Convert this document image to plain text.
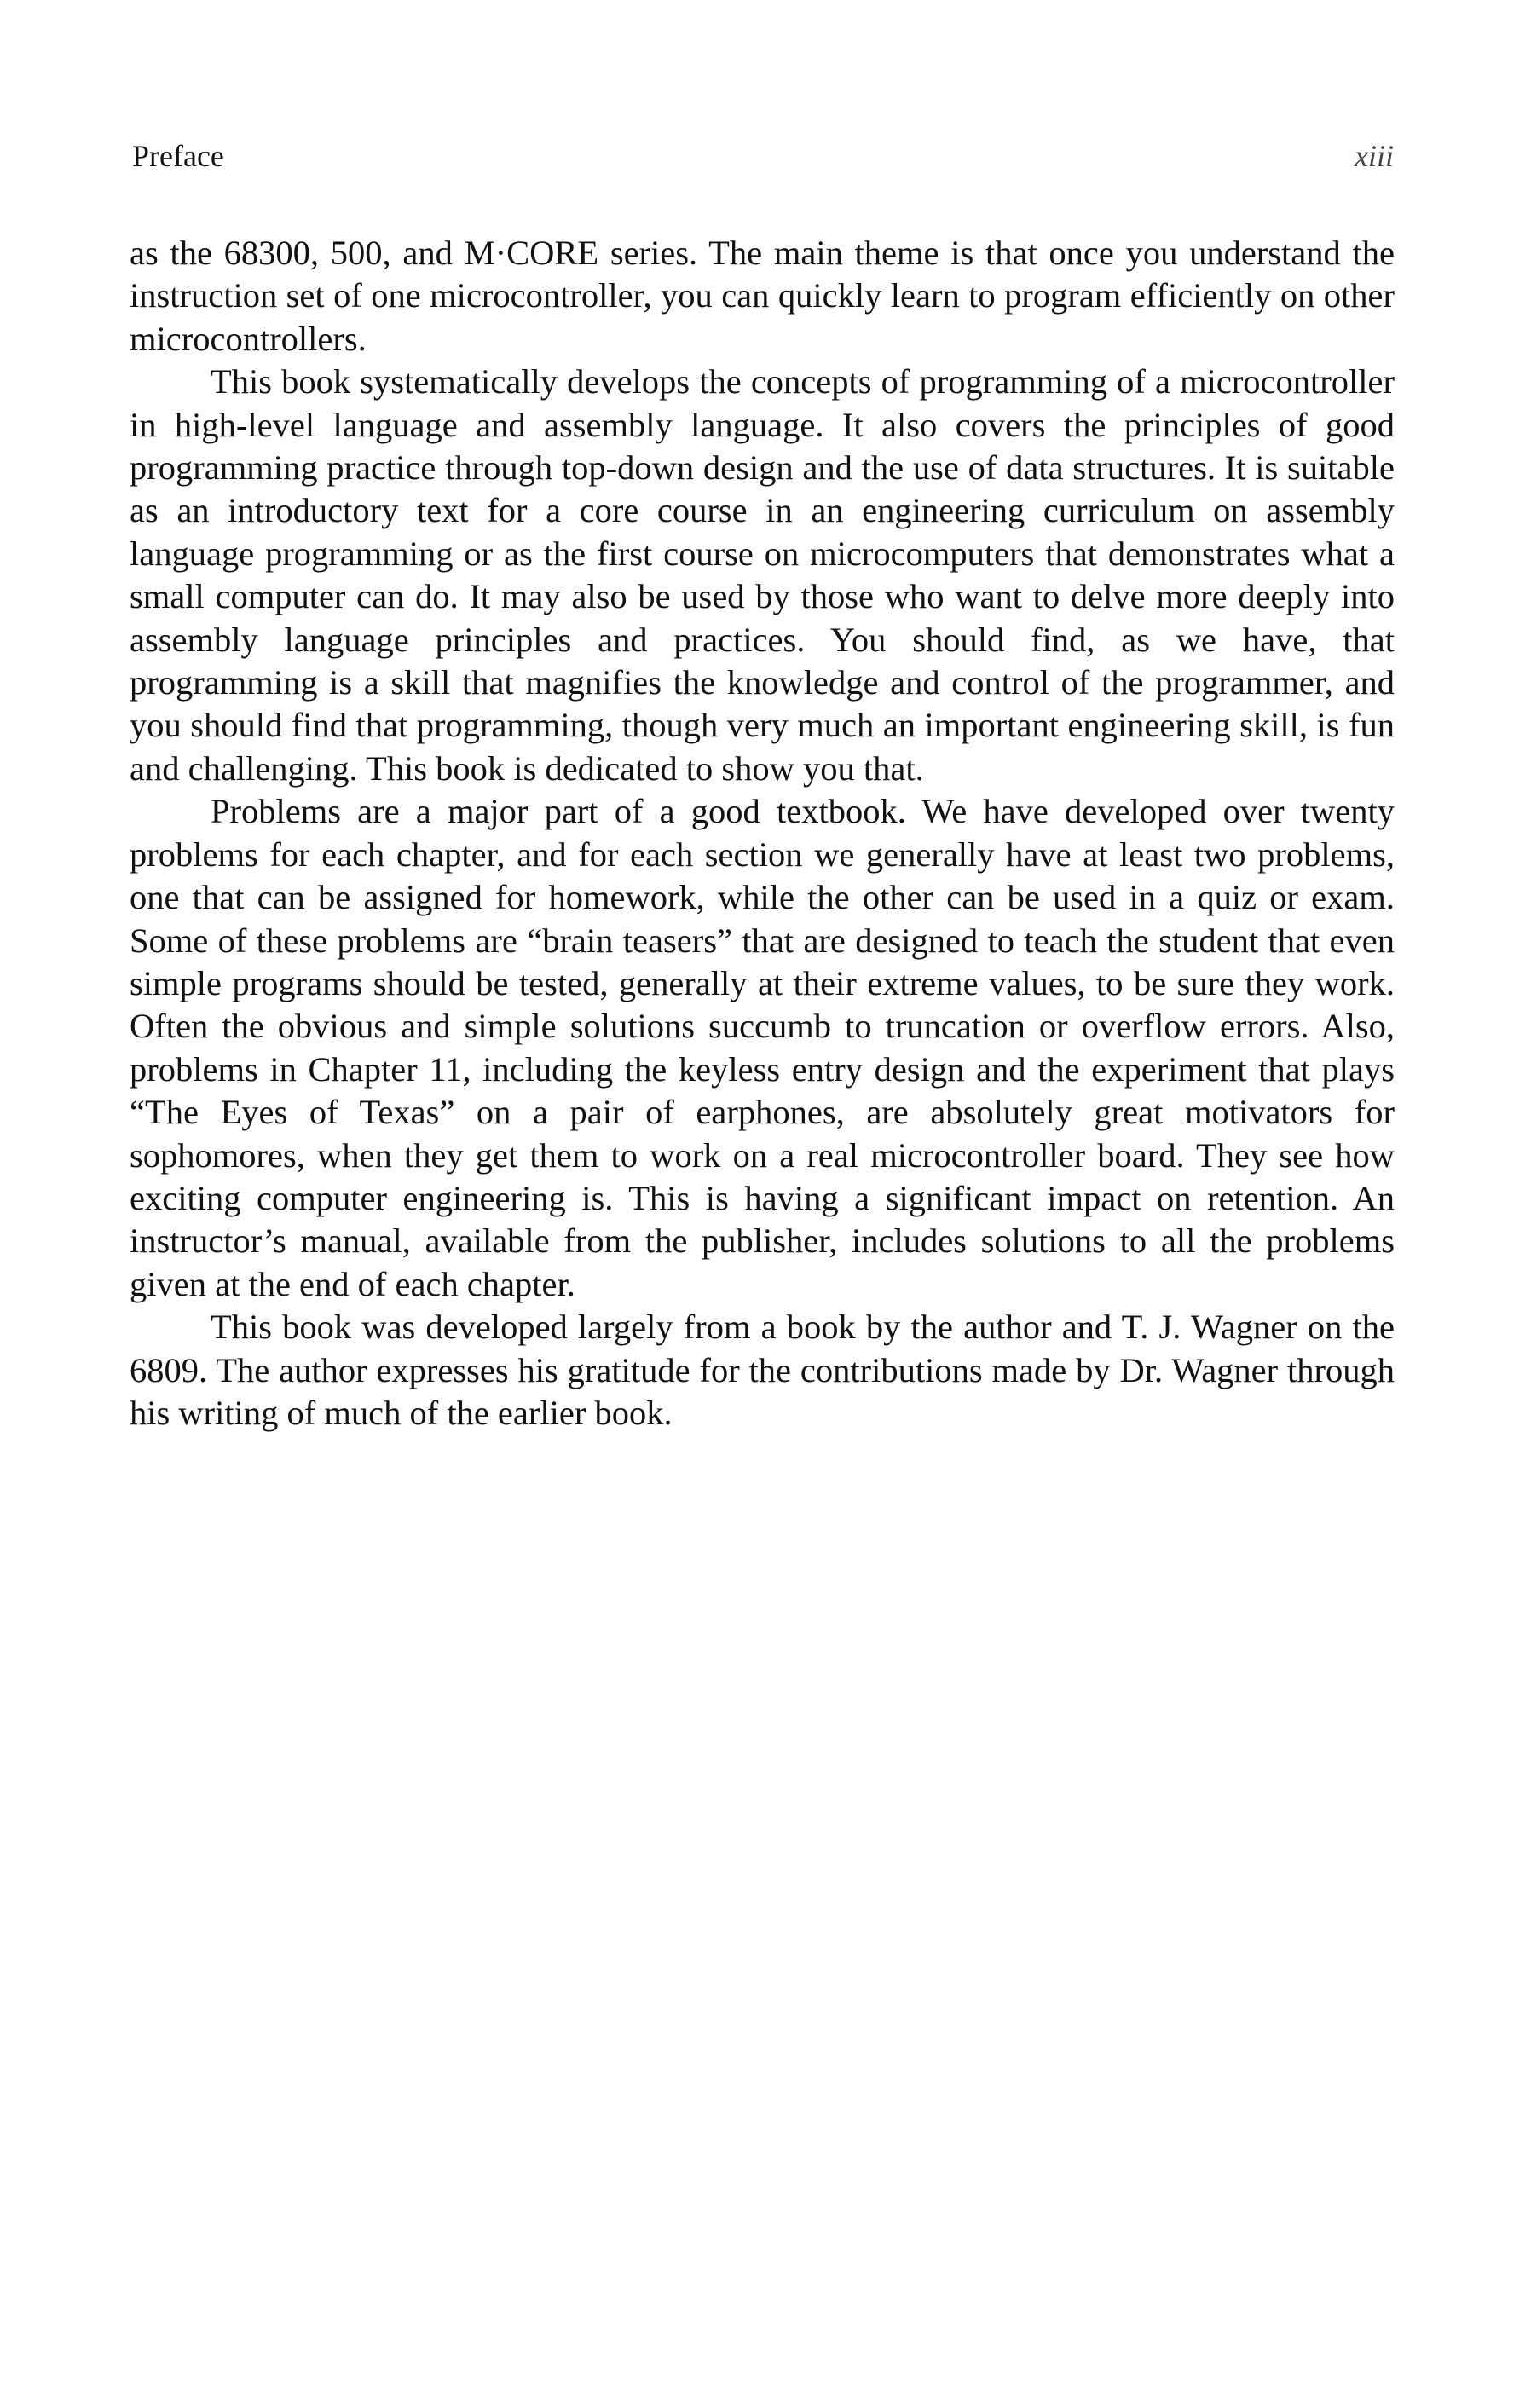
Preface	xiii

as the 68300, 500, and M·CORE series. The main theme is that once you understand the instruction set of one microcontroller, you can quickly learn to program efficiently on other microcontrollers.

This book systematically develops the concepts of programming of a microcontroller in high-level language and assembly language. It also covers the principles of good programming practice through top-down design and the use of data structures. It is suitable as an introductory text for a core course in an engineering curriculum on assembly language programming or as the first course on microcomputers that demonstrates what a small computer can do. It may also be used by those who want to delve more deeply into assembly language principles and practices. You should find, as we have, that programming is a skill that magnifies the knowledge and control of the programmer, and you should find that programming, though very much an important engineering skill, is fun and challenging. This book is dedicated to show you that.

Problems are a major part of a good textbook. We have developed over twenty problems for each chapter, and for each section we generally have at least two problems, one that can be assigned for homework, while the other can be used in a quiz or exam. Some of these problems are “brain teasers” that are designed to teach the student that even simple programs should be tested, generally at their extreme values, to be sure they work. Often the obvious and simple solutions succumb to truncation or overflow errors. Also, problems in Chapter 11, including the keyless entry design and the experiment that plays “The Eyes of Texas” on a pair of earphones, are absolutely great motivators for sophomores, when they get them to work on a real microcontroller board. They see how exciting computer engineering is. This is having a significant impact on retention. An instructor’s manual, available from the publisher, includes solutions to all the problems given at the end of each chapter.

This book was developed largely from a book by the author and T. J. Wagner on the 6809. The author expresses his gratitude for the contributions made by Dr. Wagner through his writing of much of the earlier book.
